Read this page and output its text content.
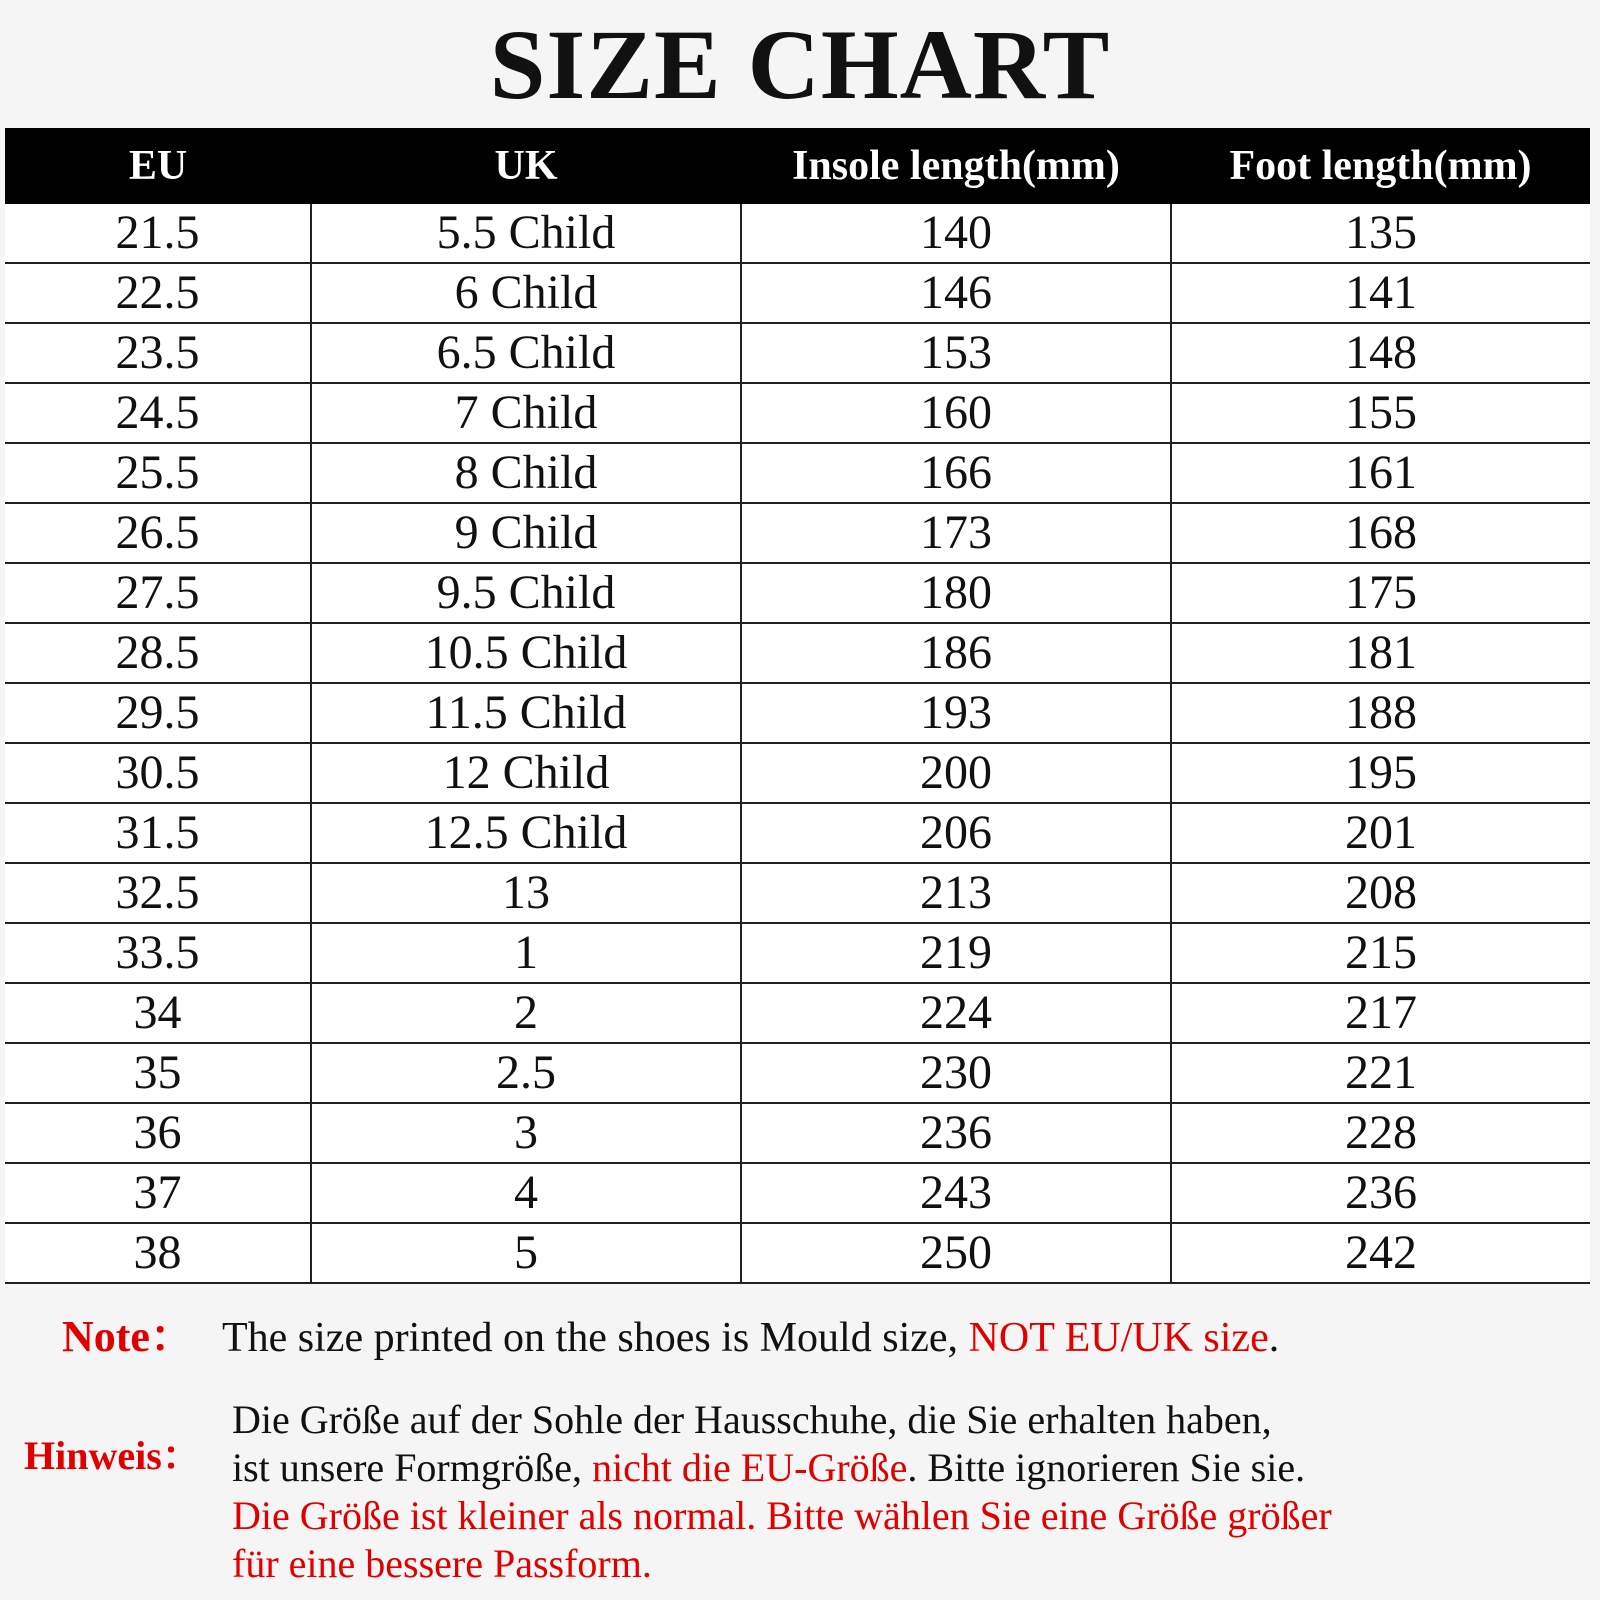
SIZE CHART
EU	UK	Insole length(mm)	Foot length(mm)
21.5	5.5 Child	140	135
22.5	6 Child	146	141
23.5	6.5 Child	153	148
24.5	7 Child	160	155
25.5	8 Child	166	161
26.5	9 Child	173	168
27.5	9.5 Child	180	175
28.5	10.5 Child	186	181
29.5	11.5 Child	193	188
30.5	12 Child	200	195
31.5	12.5 Child	206	201
32.5	13	213	208
33.5	1	219	215
34	2	224	217
35	2.5	230	221
36	3	236	228
37	4	243	236
38	5	250	242
Note： The size printed on the shoes is Mould size, NOT EU/UK size.
Hinweis：
Die Größe auf der Sohle der Hausschuhe, die Sie erhalten haben,
ist unsere Formgröße, nicht die EU-Größe. Bitte ignorieren Sie sie.
Die Größe ist kleiner als normal. Bitte wählen Sie eine Größe größer
für eine bessere Passform.
